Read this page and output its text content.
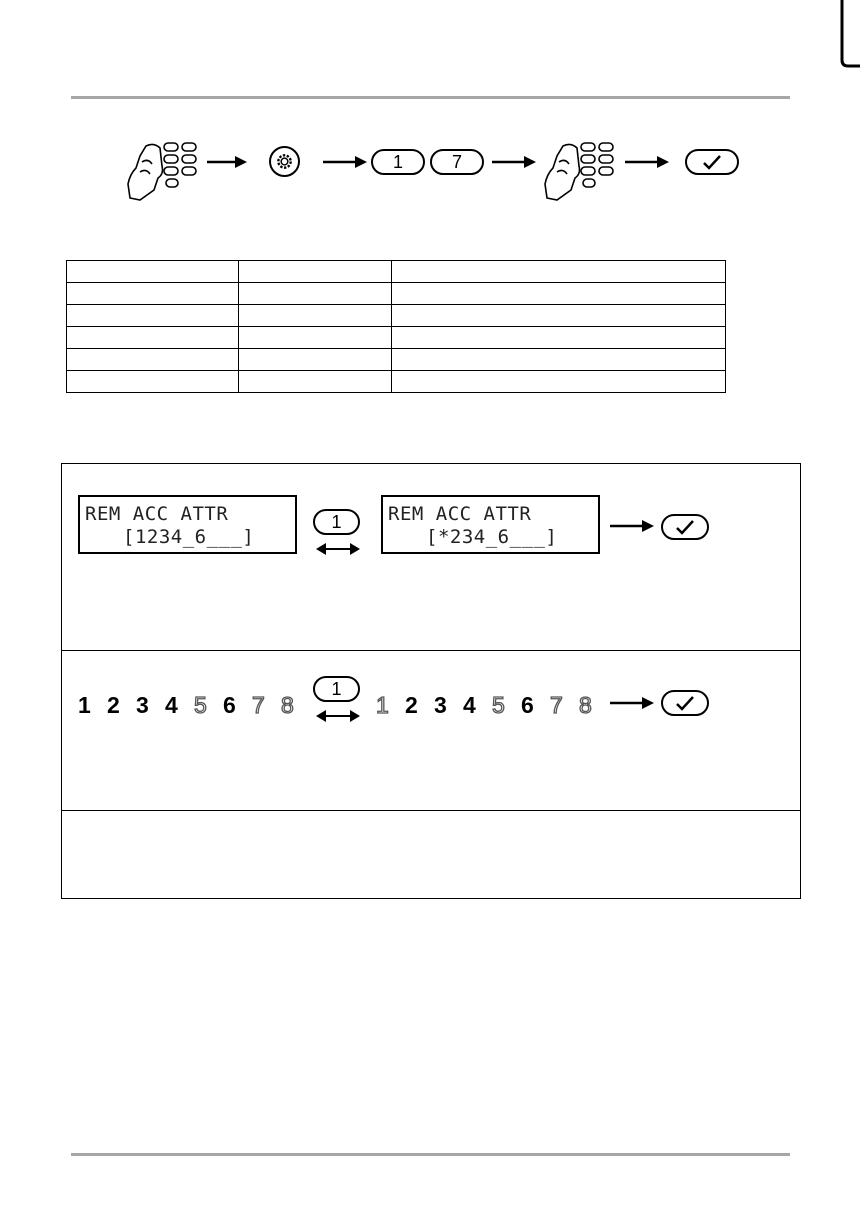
1	7

REM ACC ATTR
[1234_6___]
1	REM ACC ATTR
[*234_6___]
1 2 3 4 5 6 7 8
1
1 2 3 4 5 6 7 8
